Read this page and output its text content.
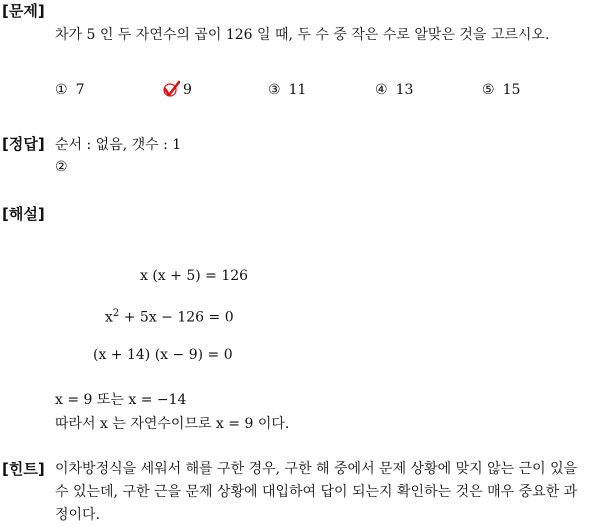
[문제]
차가 5 인 두 자연수의 곱이 126 일 때, 두 수 중 작은 수로 알맞은 것을 고르시오.
① 7	9	③ 11	④ 13	⑤ 15
[정답] 순서 : 없음, 갯수 : 1
②
[해설]
x (x + 5) = 126
$x^2 + 5x - 126 = 0$
(x + 14) (x − 9) = 0
x = 9 또는 x = −14
따라서 x 는 자연수이므로 x = 9 이다.
[힌트] 이차방정식을 세워서 해를 구한 경우, 구한 해 중에서 문제 상황에 맞지 않는 근이 있을 수 있는데, 구한 근을 문제 상황에 대입하여 답이 되는지 확인하는 것은 매우 중요한 과정이다.
